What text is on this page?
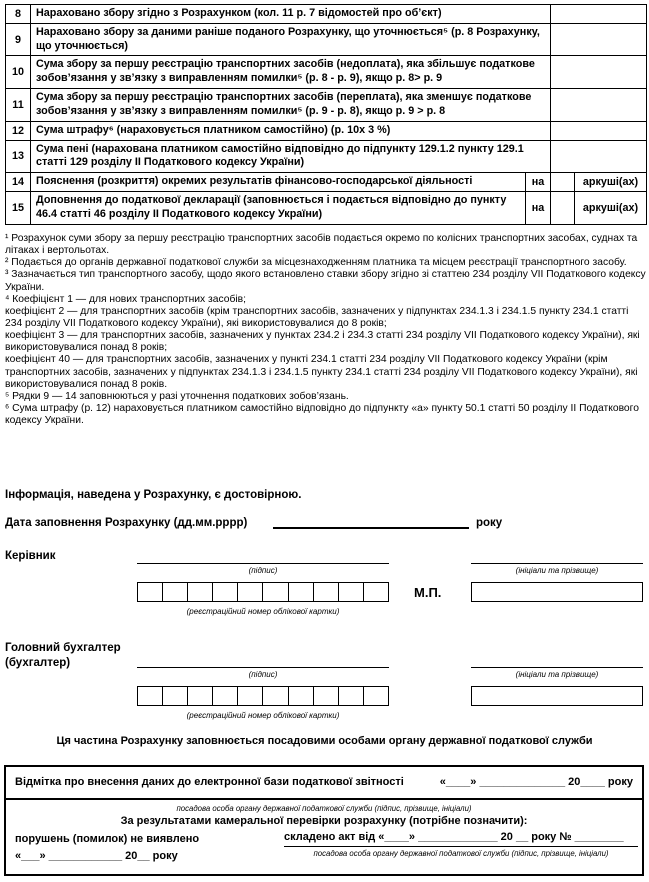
8	Нараховано збору згідно з Розрахунком (кол. 11 р. 7 відомостей про об’єкт)			
9	Нараховано збору за даними раніше поданого Розрахунку, що уточнюється⁵ (р. 8 Розрахунку, що уточнюється)			
10	Сума збору за першу реєстрацію транспортних засобів (недоплата), яка збільшує податкове зобов’язання у зв’язку з виправленням помилки⁵ (р. 8 - р. 9), якщо р. 8> р. 9			
11	Сума збору за першу реєстрацію транспортних засобів (переплата), яка зменшує податкове зобов’язання у зв’язку з виправленням помилки⁵ (р. 9 - р. 8), якщо р. 9 > р. 8			
12	Сума штрафу⁶ (нараховується платником самостійно) (р. 10х 3 %)			
13	Сума пені (нарахована платником самостійно відповідно до підпункту 129.1.2 пункту 129.1 статті 129 розділу II Податкового кодексу України)			
14	Пояснення (розкриття) окремих результатів фінансово-господарської діяльності	на		аркуші(ах)
15	Доповнення до податкової декларації (заповнюється і подається відповідно до пункту 46.4 статті 46 розділу II Податкового кодексу України)	на		аркуші(ах)
¹ Розрахунок суми збору за першу реєстрацію транспортних засобів подається окремо по колісних транспортних засобах, суднах та літаках і вертольотах.
² Подається до органів державної податкової служби за місцезнаходженням платника та місцем реєстрації транспортного засобу.
³ Зазначається тип транспортного засобу, щодо якого встановлено ставки збору згідно зі статтею 234 розділу VII Податкового кодексу України.
⁴ Коефіцієнт 1 — для нових транспортних засобів;
коефіцієнт 2 — для транспортних засобів (крім транспортних засобів, зазначених у підпунктах 234.1.3 і 234.1.5 пункту 234.1 статті 234 розділу VII Податкового кодексу України), які використовувалися до 8 років;
коефіцієнт 3 — для транспортних засобів, зазначених у пунктах 234.2 і 234.3 статті 234 розділу VII Податкового кодексу України), які використовувалися понад 8 років;
коефіцієнт 40 — для транспортних засобів, зазначених у пункті 234.1 статті 234 розділу VII Податкового кодексу України (крім транспортних засобів, зазначених у підпунктах 234.1.3 і 234.1.5 пункту 234.1 статті 234 розділу VII Податкового кодексу України), які використовувалися понад 8 років.
⁵ Рядки 9 — 14 заповнюються у разі уточнення податкових зобов’язань.
⁶ Сума штрафу (р. 12) нараховується платником самостійно відповідно до підпункту «а» пункту 50.1 статті 50 розділу II Податкового кодексу України.
Інформація, наведена у Розрахунку, є достовірною.
Дата заповнення Розрахунку (дд.мм.рррр)	року
Керівник
(підпис)
(реєстраційний номер облікової картки)
М.П.
(ініціали та прізвище)
Головний бухгалтер
(бухгалтер)
(підпис)
(реєстраційний номер облікової картки)
(ініціали та прізвище)
Ця частина Розрахунку заповнюється посадовими особами органу державної податкової служби
Відмітка про внесення даних до електронної бази податкової звітності	«____» ______________ 20____ року
посадова особа органу державної податкової служби (підпис, прізвище, ініціали)
За результатами камеральної перевірки розрахунку (потрібне позначити):
порушень (помилок) не виявлено
«___» ____________ 20__ року
складено акт від «____» _____________ 20 __ року № ________
посадова особа органу державної податкової служби (підпис, прізвище, ініціали)
